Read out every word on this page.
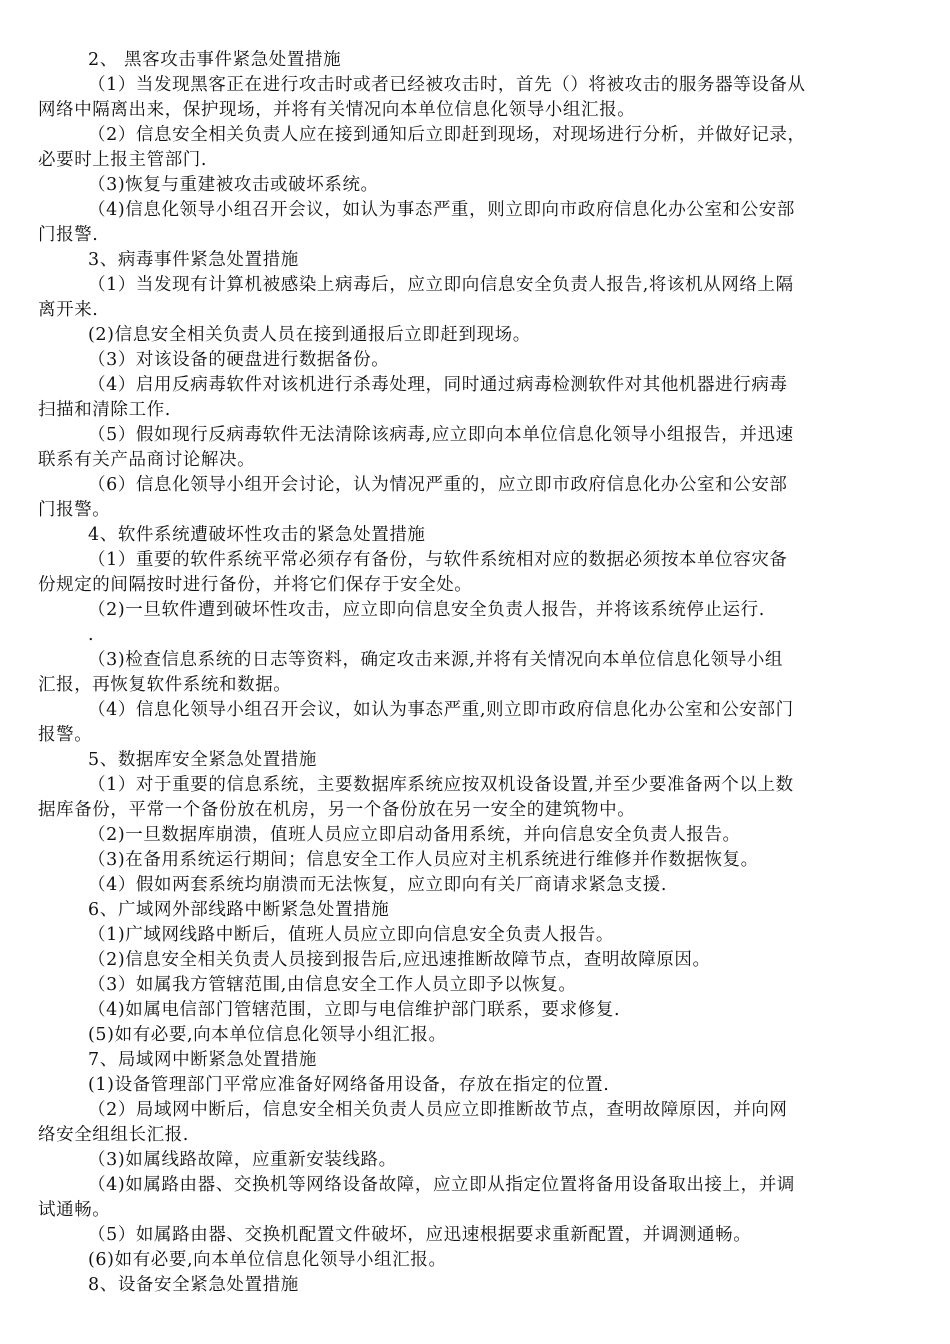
2、 黑客攻击事件紧急处置措施
（1）当发现黑客正在进行攻击时或者已经被攻击时，首先（）将被攻击的服务器等设备从
网络中隔离出来，保护现场，并将有关情况向本单位信息化领导小组汇报。
（2）信息安全相关负责人应在接到通知后立即赶到现场，对现场进行分析，并做好记录，
必要时上报主管部门.
（3)恢复与重建被攻击或破坏系统。
（4)信息化领导小组召开会议，如认为事态严重，则立即向市政府信息化办公室和公安部
门报警.
3、病毒事件紧急处置措施
（1）当发现有计算机被感染上病毒后，应立即向信息安全负责人报告,将该机从网络上隔
离开来.
(2)信息安全相关负责人员在接到通报后立即赶到现场。
（3）对该设备的硬盘进行数据备份。
（4）启用反病毒软件对该机进行杀毒处理，同时通过病毒检测软件对其他机器进行病毒
扫描和清除工作.
（5）假如现行反病毒软件无法清除该病毒,应立即向本单位信息化领导小组报告，并迅速
联系有关产品商讨论解决。
（6）信息化领导小组开会讨论，认为情况严重的，应立即市政府信息化办公室和公安部
门报警。
4、软件系统遭破坏性攻击的紧急处置措施
（1）重要的软件系统平常必须存有备份，与软件系统相对应的数据必须按本单位容灾备
份规定的间隔按时进行备份，并将它们保存于安全处。
（2)一旦软件遭到破坏性攻击，应立即向信息安全负责人报告，并将该系统停止运行.
.
（3)检查信息系统的日志等资料，确定攻击来源,并将有关情况向本单位信息化领导小组
汇报，再恢复软件系统和数据。
（4）信息化领导小组召开会议，如认为事态严重,则立即市政府信息化办公室和公安部门
报警。
5、数据库安全紧急处置措施
（1）对于重要的信息系统，主要数据库系统应按双机设备设置,并至少要准备两个以上数
据库备份，平常一个备份放在机房，另一个备份放在另一安全的建筑物中。
（2)一旦数据库崩溃，值班人员应立即启动备用系统，并向信息安全负责人报告。
（3)在备用系统运行期间；信息安全工作人员应对主机系统进行维修并作数据恢复。
（4）假如两套系统均崩溃而无法恢复，应立即向有关厂商请求紧急支援.
6、广域网外部线路中断紧急处置措施
（1)广域网线路中断后，值班人员应立即向信息安全负责人报告。
（2)信息安全相关负责人员接到报告后,应迅速推断故障节点，查明故障原因。
（3）如属我方管辖范围,由信息安全工作人员立即予以恢复。
（4)如属电信部门管辖范围，立即与电信维护部门联系，要求修复.
(5)如有必要,向本单位信息化领导小组汇报。
7、局域网中断紧急处置措施
(1)设备管理部门平常应准备好网络备用设备，存放在指定的位置.
（2）局域网中断后，信息安全相关负责人员应立即推断故节点，查明故障原因，并向网
络安全组组长汇报.
（3)如属线路故障，应重新安装线路。
（4)如属路由器、交换机等网络设备故障，应立即从指定位置将备用设备取出接上，并调
试通畅。
（5）如属路由器、交换机配置文件破坏，应迅速根据要求重新配置，并调测通畅。
(6)如有必要,向本单位信息化领导小组汇报。
8、设备安全紧急处置措施
